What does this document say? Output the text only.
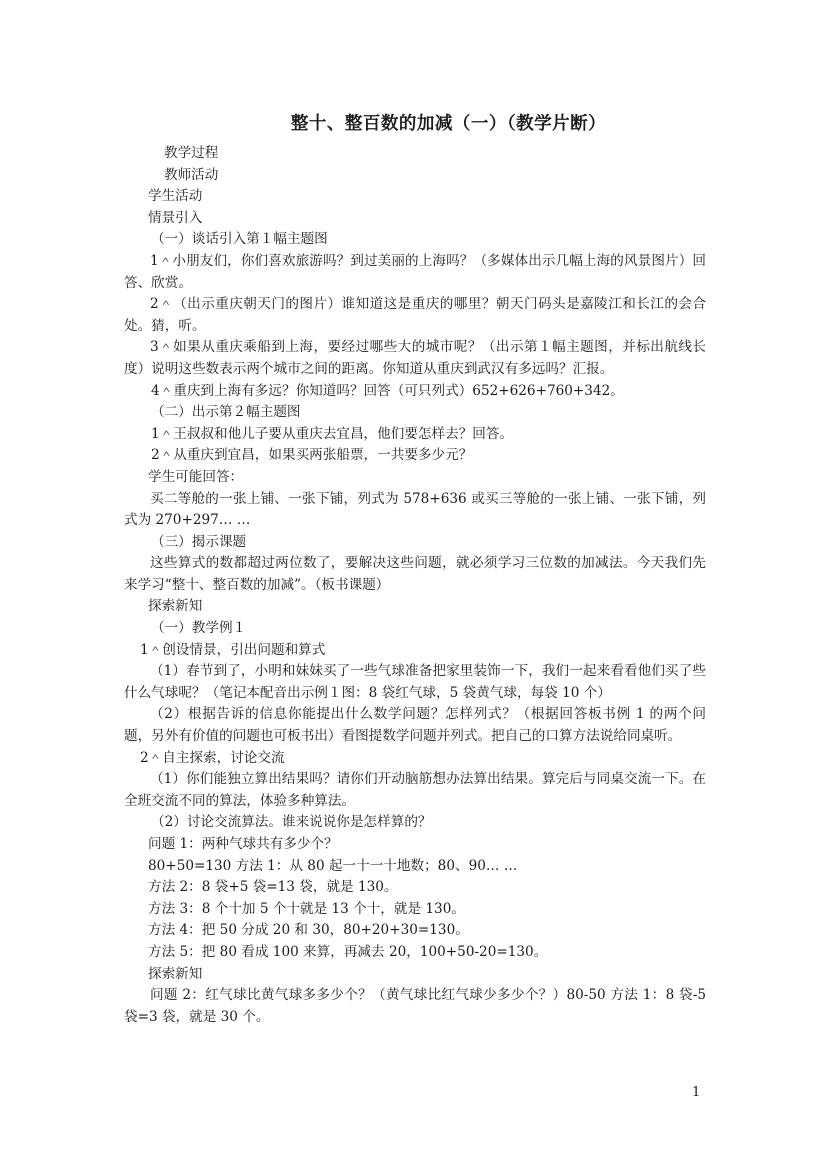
整十、整百数的加减（一）（教学片断）
教学过程
教师活动
学生活动
情景引入
（一）谈话引入第１幅主题图
1＾小朋友们，你们喜欢旅游吗？到过美丽的上海吗？（多媒体出示几幅上海的风景图片）回答、欣赏。
2＾（出示重庆朝天门的图片）谁知道这是重庆的哪里？朝天门码头是嘉陵江和长江的会合处。猜，听。
3＾如果从重庆乘船到上海，要经过哪些大的城市呢？（出示第１幅主题图，并标出航线长度）说明这些数表示两个城市之间的距离。你知道从重庆到武汉有多远吗？汇报。
4＾重庆到上海有多远？你知道吗？回答（可只列式）652+626+760+342。
（二）出示第２幅主题图
1＾王叔叔和他儿子要从重庆去宜昌，他们要怎样去？回答。
2＾从重庆到宜昌，如果买两张船票，一共要多少元？
学生可能回答：
买二等舱的一张上铺、一张下铺，列式为 578+636 或买三等舱的一张上铺、一张下铺，列式为 270+297… …
（三）揭示课题
这些算式的数都超过两位数了，要解决这些问题，就必须学习三位数的加减法。今天我们先来学习“整十、整百数的加减”。（板书课题）
探索新知
（一）教学例１
1＾创设情景，引出问题和算式
（1）春节到了，小明和妹妹买了一些气球准备把家里装饰一下，我们一起来看看他们买了些什么气球呢？（笔记本配音出示例１图：8 袋红气球，5 袋黄气球，每袋 10 个）
（2）根据告诉的信息你能提出什么数学问题？怎样列式？（根据回答板书例 1 的两个问题，另外有价值的问题也可板书出）看图提数学问题并列式。把自己的口算方法说给同桌听。
2＾自主探索，讨论交流
（1）你们能独立算出结果吗？请你们开动脑筋想办法算出结果。算完后与同桌交流一下。在全班交流不同的算法，体验多种算法。
（2）讨论交流算法。谁来说说你是怎样算的？
问题 1：两种气球共有多少个？
80+50=130 方法 1：从 80 起一十一十地数；80、90… …
方法 2：8 袋+5 袋=13 袋，就是 130。
方法 3：8 个十加 5 个十就是 13 个十，就是 130。
方法 4：把 50 分成 20 和 30，80+20+30=130。
方法 5：把 80 看成 100 来算，再减去 20，100+50-20=130。
探索新知
问题 2：红气球比黄气球多多少个？（黄气球比红气球少多少个？）80-50 方法 1：8 袋-5 袋=3 袋，就是 30 个。
1
